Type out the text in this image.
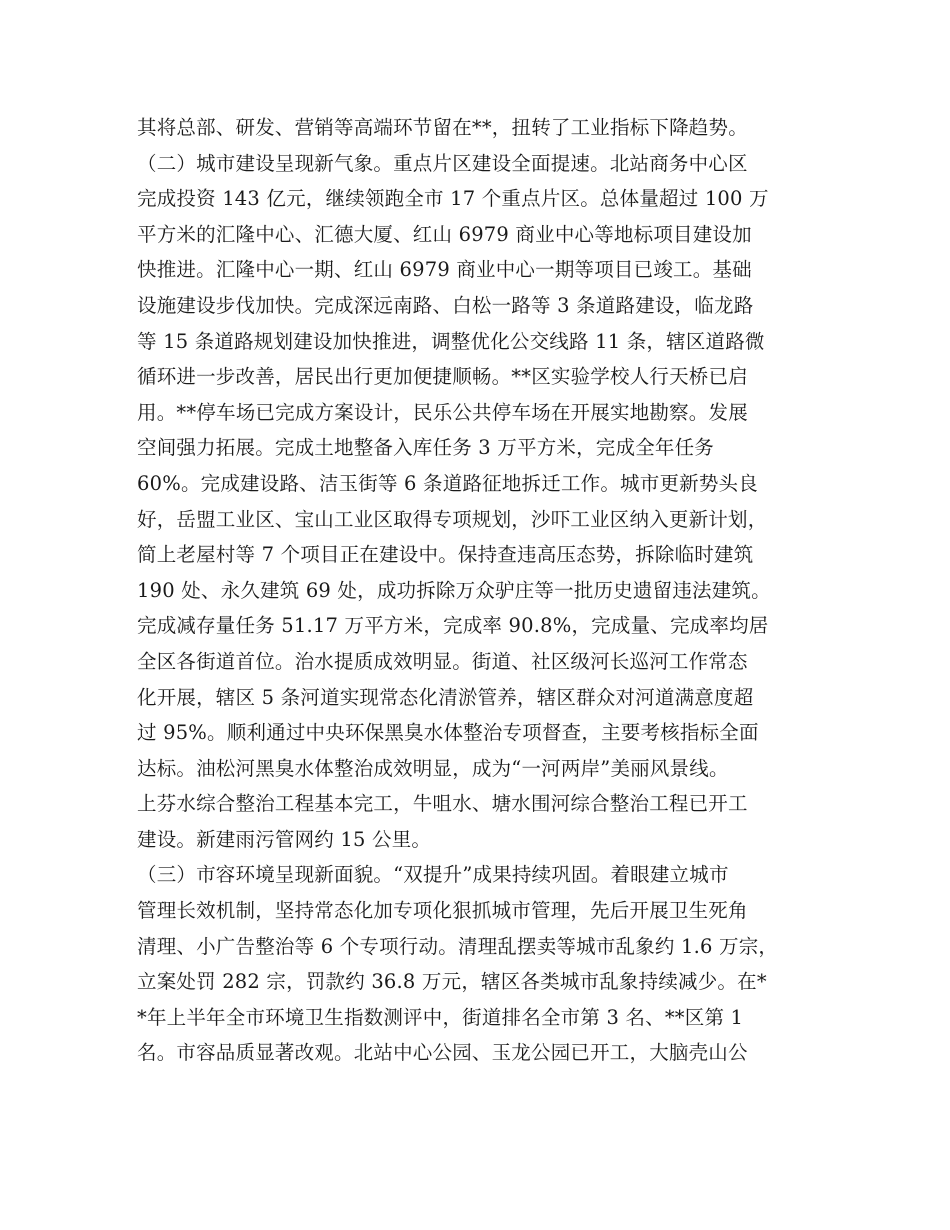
其将总部、研发、营销等高端环节留在**，扭转了工业指标下降趋势。
（二）城市建设呈现新气象。重点片区建设全面提速。北站商务中心区
完成投资 143 亿元，继续领跑全市 17 个重点片区。总体量超过 100 万
平方米的汇隆中心、汇德大厦、红山 6979 商业中心等地标项目建设加
快推进。汇隆中心一期、红山 6979 商业中心一期等项目已竣工。基础
设施建设步伐加快。完成深远南路、白松一路等 3 条道路建设，临龙路
等 15 条道路规划建设加快推进，调整优化公交线路 11 条，辖区道路微
循环进一步改善，居民出行更加便捷顺畅。**区实验学校人行天桥已启
用。**停车场已完成方案设计，民乐公共停车场在开展实地勘察。发展
空间强力拓展。完成土地整备入库任务 3 万平方米，完成全年任务
60%。完成建设路、洁玉街等 6 条道路征地拆迁工作。城市更新势头良
好，岳盟工业区、宝山工业区取得专项规划，沙吓工业区纳入更新计划，
简上老屋村等 7 个项目正在建设中。保持查违高压态势，拆除临时建筑
190 处、永久建筑 69 处，成功拆除万众驴庄等一批历史遗留违法建筑。
完成减存量任务 51.17 万平方米，完成率 90.8%，完成量、完成率均居
全区各街道首位。治水提质成效明显。街道、社区级河长巡河工作常态
化开展，辖区 5 条河道实现常态化清淤管养，辖区群众对河道满意度超
过 95%。顺利通过中央环保黑臭水体整治专项督查，主要考核指标全面
达标。油松河黑臭水体整治成效明显，成为“一河两岸”美丽风景线。
上芬水综合整治工程基本完工，牛咀水、塘水围河综合整治工程已开工
建设。新建雨污管网约 15 公里。
（三）市容环境呈现新面貌。“双提升”成果持续巩固。着眼建立城市
管理长效机制，坚持常态化加专项化狠抓城市管理，先后开展卫生死角
清理、小广告整治等 6 个专项行动。清理乱摆卖等城市乱象约 1.6 万宗，
立案处罚 282 宗，罚款约 36.8 万元，辖区各类城市乱象持续减少。在*
*年上半年全市环境卫生指数测评中，街道排名全市第 3 名、**区第 1
名。市容品质显著改观。北站中心公园、玉龙公园已开工，大脑壳山公
